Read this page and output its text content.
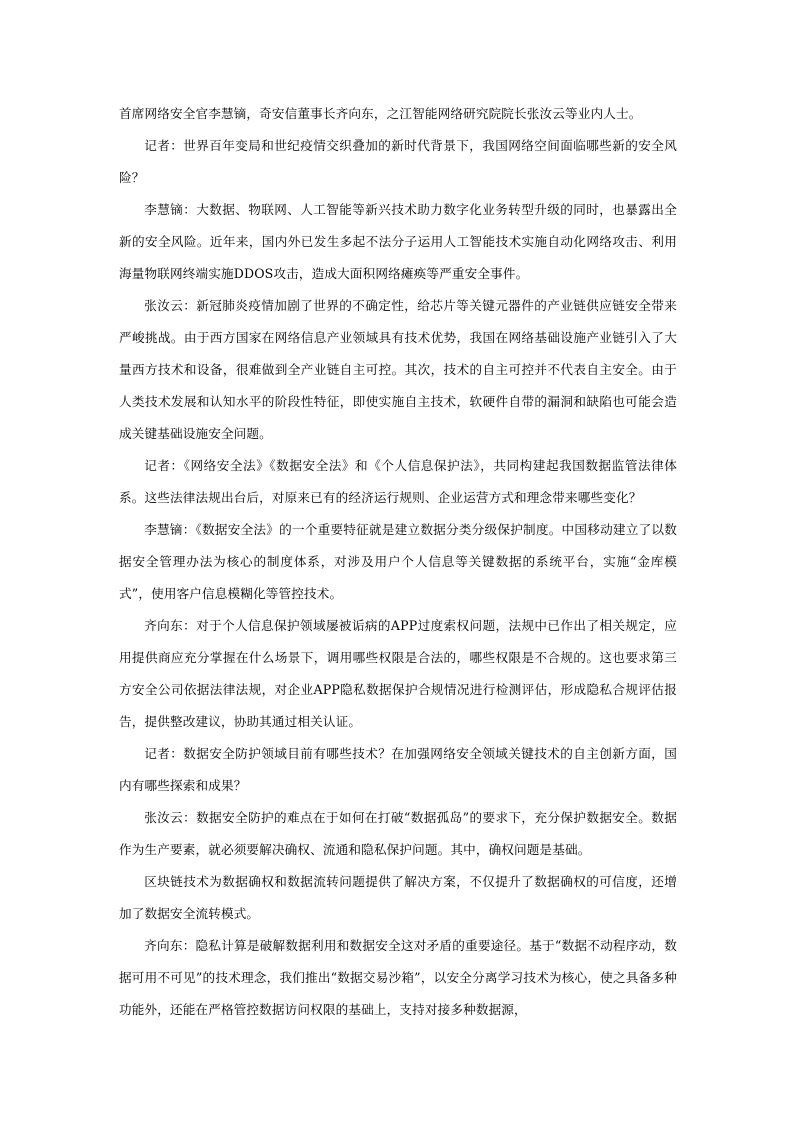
首席网络安全官李慧镝，奇安信董事长齐向东，之江智能网络研究院院长张汝云等业内人士。

记者：世界百年变局和世纪疫情交织叠加的新时代背景下，我国网络空间面临哪些新的安全风险？

李慧镝：大数据、物联网、人工智能等新兴技术助力数字化业务转型升级的同时，也暴露出全新的安全风险。近年来，国内外已发生多起不法分子运用人工智能技术实施自动化网络攻击、利用海量物联网终端实施DDOS攻击，造成大面积网络瘫痪等严重安全事件。

张汝云：新冠肺炎疫情加剧了世界的不确定性，给芯片等关键元器件的产业链供应链安全带来严峻挑战。由于西方国家在网络信息产业领域具有技术优势，我国在网络基础设施产业链引入了大量西方技术和设备，很难做到全产业链自主可控。其次，技术的自主可控并不代表自主安全。由于人类技术发展和认知水平的阶段性特征，即使实施自主技术，软硬件自带的漏洞和缺陷也可能会造成关键基础设施安全问题。

记者：《网络安全法》《数据安全法》和《个人信息保护法》，共同构建起我国数据监管法律体系。这些法律法规出台后，对原来已有的经济运行规则、企业运营方式和理念带来哪些变化？

李慧镝：《数据安全法》的一个重要特征就是建立数据分类分级保护制度。中国移动建立了以数据安全管理办法为核心的制度体系，对涉及用户个人信息等关键数据的系统平台，实施“金库模式”，使用客户信息模糊化等管控技术。

齐向东：对于个人信息保护领域屡被诟病的APP过度索权问题，法规中已作出了相关规定，应用提供商应充分掌握在什么场景下，调用哪些权限是合法的，哪些权限是不合规的。这也要求第三方安全公司依据法律法规，对企业APP隐私数据保护合规情况进行检测评估，形成隐私合规评估报告，提供整改建议，协助其通过相关认证。

记者：数据安全防护领域目前有哪些技术？在加强网络安全领域关键技术的自主创新方面，国内有哪些探索和成果？

张汝云：数据安全防护的难点在于如何在打破“数据孤岛”的要求下，充分保护数据安全。数据作为生产要素，就必须要解决确权、流通和隐私保护问题。其中，确权问题是基础。

区块链技术为数据确权和数据流转问题提供了解决方案，不仅提升了数据确权的可信度，还增加了数据安全流转模式。

齐向东：隐私计算是破解数据利用和数据安全这对矛盾的重要途径。基于“数据不动程序动，数据可用不可见”的技术理念，我们推出“数据交易沙箱”，以安全分离学习技术为核心，使之具备多种功能外，还能在严格管控数据访问权限的基础上，支持对接多种数据源，
